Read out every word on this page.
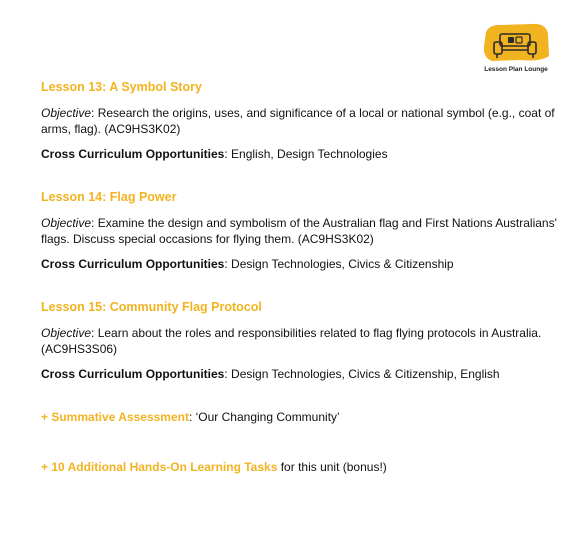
Lesson Plan Lounge
Lesson 13: A Symbol Story
Objective: Research the origins, uses, and significance of a local or national symbol (e.g., coat of arms, flag). (AC9HS3K02)
Cross Curriculum Opportunities: English, Design Technologies
Lesson 14: Flag Power
Objective: Examine the design and symbolism of the Australian flag and First Nations Australians' flags. Discuss special occasions for flying them. (AC9HS3K02)
Cross Curriculum Opportunities: Design Technologies, Civics & Citizenship
Lesson 15: Community Flag Protocol
Objective: Learn about the roles and responsibilities related to flag flying protocols in Australia. (AC9HS3S06)
Cross Curriculum Opportunities: Design Technologies, Civics & Citizenship, English
+ Summative Assessment: ‘Our Changing Community’
+ 10 Additional Hands-On Learning Tasks for this unit (bonus!)
